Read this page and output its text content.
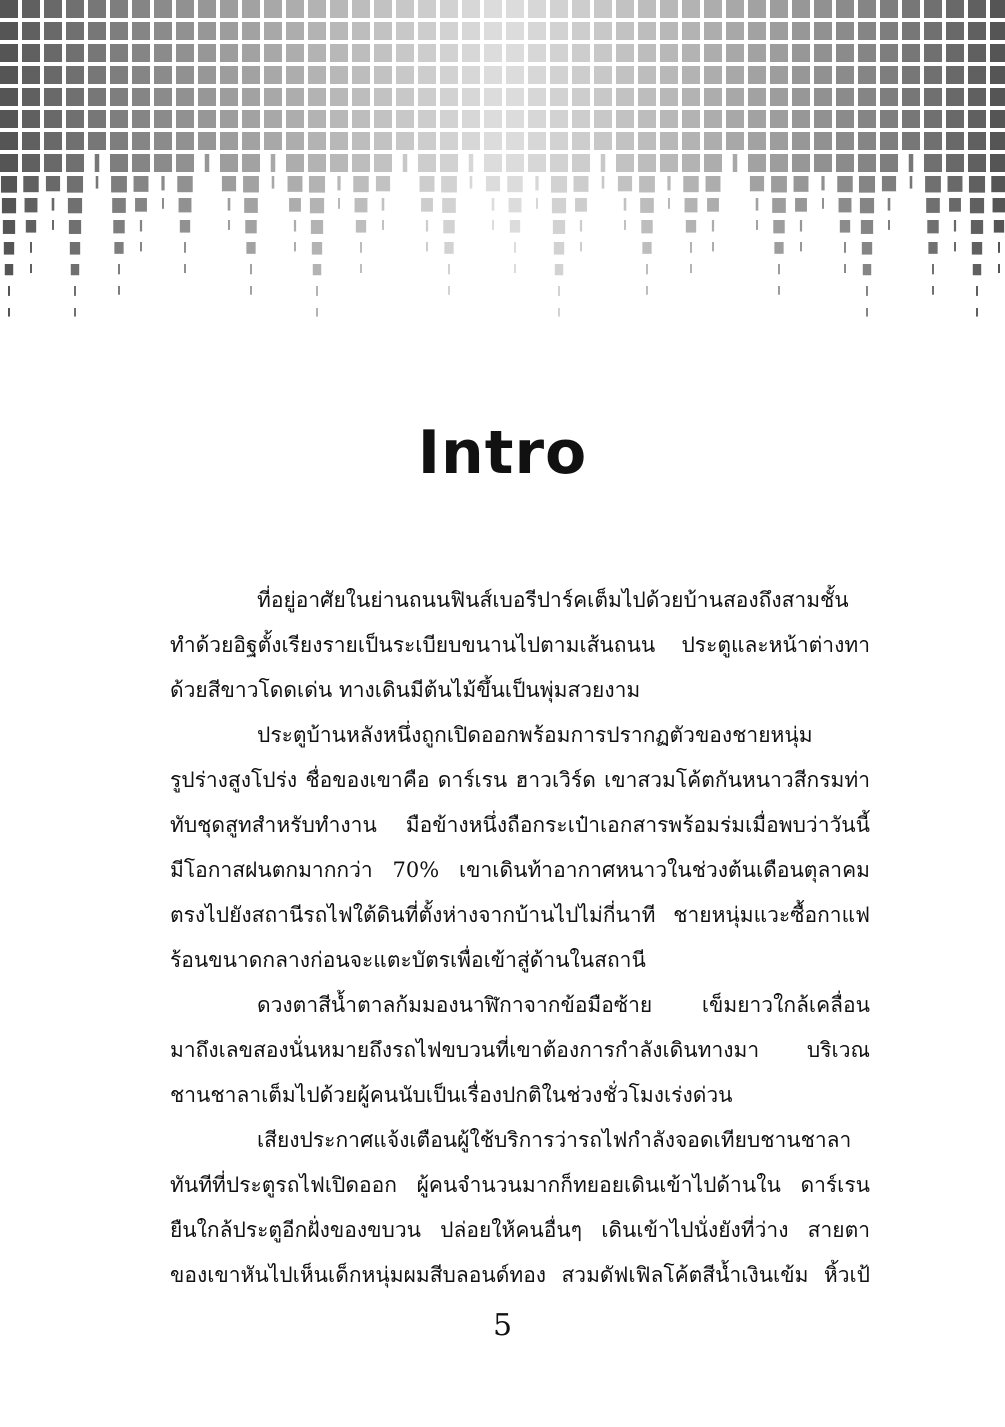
Intro
ที่อยู่อาศัยในย่านถนนฟินส์เบอรีปาร์คเต็มไปด้วยบ้านสองถึงสามชั้น
ทำด้วยอิฐตั้งเรียงรายเป็นระเบียบขนานไปตามเส้นถนน ประตูและหน้าต่างทา
ด้วยสีขาวโดดเด่น ทางเดินมีต้นไม้ขึ้นเป็นพุ่มสวยงาม
ประตูบ้านหลังหนึ่งถูกเปิดออกพร้อมการปรากฏตัวของชายหนุ่ม
รูปร่างสูงโปร่ง ชื่อของเขาคือ ดาร์เรน ฮาวเวิร์ด เขาสวมโค้ตกันหนาวสีกรมท่า
ทับชุดสูทสำหรับทำงาน มือข้างหนึ่งถือกระเป๋าเอกสารพร้อมร่มเมื่อพบว่าวันนี้
มีโอกาสฝนตกมากกว่า 70% เขาเดินท้าอากาศหนาวในช่วงต้นเดือนตุลาคม
ตรงไปยังสถานีรถไฟใต้ดินที่ตั้งห่างจากบ้านไปไม่กี่นาที ชายหนุ่มแวะซื้อกาแฟ
ร้อนขนาดกลางก่อนจะแตะบัตรเพื่อเข้าสู่ด้านในสถานี
ดวงตาสีน้ำตาลก้มมองนาฬิกาจากข้อมือซ้าย เข็มยาวใกล้เคลื่อน
มาถึงเลขสองนั่นหมายถึงรถไฟขบวนที่เขาต้องการกำลังเดินทางมา บริเวณ
ชานชาลาเต็มไปด้วยผู้คนนับเป็นเรื่องปกติในช่วงชั่วโมงเร่งด่วน
เสียงประกาศแจ้งเตือนผู้ใช้บริการว่ารถไฟกำลังจอดเทียบชานชาลา
ทันทีที่ประตูรถไฟเปิดออก ผู้คนจำนวนมากก็ทยอยเดินเข้าไปด้านใน ดาร์เรน
ยืนใกล้ประตูอีกฝั่งของขบวน ปล่อยให้คนอื่นๆ เดินเข้าไปนั่งยังที่ว่าง สายตา
ของเขาหันไปเห็นเด็กหนุ่มผมสีบลอนด์ทอง สวมดัฟเฟิลโค้ตสีน้ำเงินเข้ม หิ้วเป้
5
